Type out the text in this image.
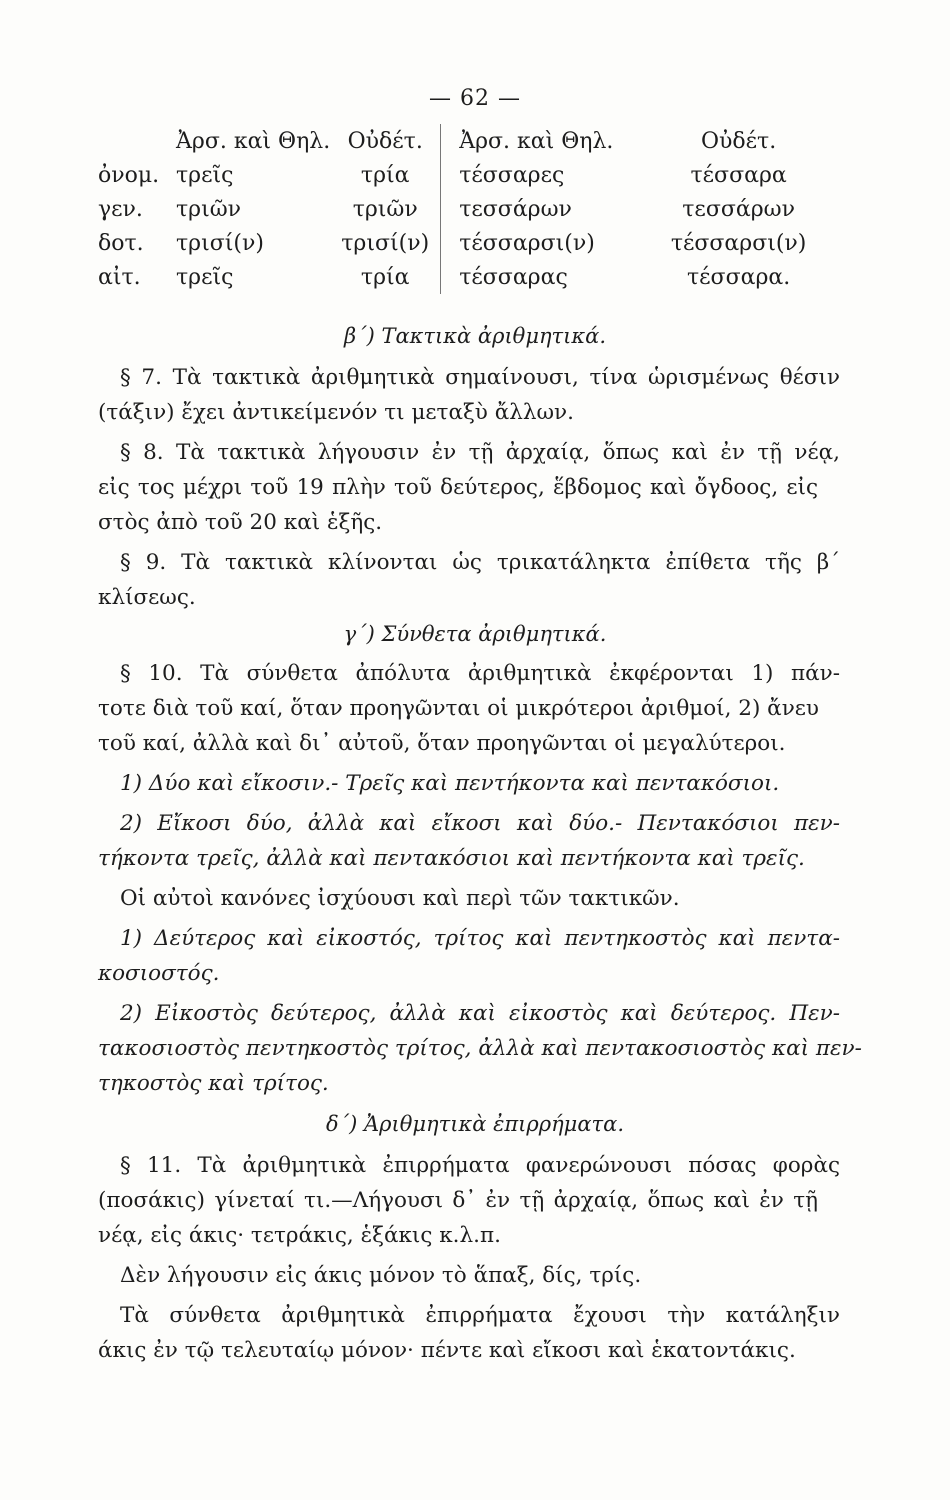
— 62 —
	Ἀρσ. καὶ Θηλ.	Οὐδέτ.	Ἀρσ. καὶ Θηλ.	Οὐδέτ.
ὀνομ.	τρεῖς	τρία	τέσσαρες	τέσσαρα
γεν.	τριῶν	τριῶν	τεσσάρων	τεσσάρων
δοτ.	τρισί(ν)	τρισί(ν)	τέσσαρσι(ν)	τέσσαρσι(ν)
αἰτ.	τρεῖς	τρία	τέσσαρας	τέσσαρα.
β΄) Τακτικὰ ἀριθμητικά.
§ 7. Τὰ τακτικὰ ἀριθμητικὰ σημαίνουσι, τίνα ὡρισμένως θέσιν
(τάξιν) ἔχει ἀντικείμενόν τι μεταξὺ ἄλλων.
§ 8. Τὰ τακτικὰ λήγουσιν ἐν τῇ ἀρχαίᾳ, ὅπως καὶ ἐν τῇ νέᾳ,
εἰς τος μέχρι τοῦ 19 πλὴν τοῦ δεύτερος, ἕβδομος καὶ ὄγδοος, εἰς
στὸς ἀπὸ τοῦ 20 καὶ ἑξῆς.
§ 9. Τὰ τακτικὰ κλίνονται ὡς τρικατάληκτα ἐπίθετα τῆς β΄
κλίσεως.
γ΄) Σύνθετα ἀριθμητικά.
§ 10. Τὰ σύνθετα ἀπόλυτα ἀριθμητικὰ ἐκφέρονται 1) πάν-
τοτε διὰ τοῦ καί, ὅταν προηγῶνται οἱ μικρότεροι ἀριθμοί, 2) ἄνευ
τοῦ καί, ἀλλὰ καὶ δι᾽ αὐτοῦ, ὅταν προηγῶνται οἱ μεγαλύτεροι.
1) Δύο καὶ εἴκοσιν.- Τρεῖς καὶ πεντήκοντα καὶ πεντακόσιοι.
2) Εἴκοσι δύο, ἀλλὰ καὶ εἴκοσι καὶ δύο.- Πεντακόσιοι πεν-
τήκοντα τρεῖς, ἀλλὰ καὶ πεντακόσιοι καὶ πεντήκοντα καὶ τρεῖς.
Οἱ αὐτοὶ κανόνες ἰσχύουσι καὶ περὶ τῶν τακτικῶν.
1) Δεύτερος καὶ εἰκοστός, τρίτος καὶ πεντηκοστὸς καὶ πεντα-
κοσιοστός.
2) Εἰκοστὸς δεύτερος, ἀλλὰ καὶ εἰκοστὸς καὶ δεύτερος. Πεν-
τακοσιοστὸς πεντηκοστὸς τρίτος, ἀλλὰ καὶ πεντακοσιοστὸς καὶ πεν-
τηκοστὸς καὶ τρίτος.
δ΄) Ἀριθμητικὰ ἐπιρρήματα.
§ 11. Τὰ ἀριθμητικὰ ἐπιρρήματα φανερώνουσι πόσας φορὰς
(ποσάκις) γίνεταί τι.—Λήγουσι δ᾽ ἐν τῇ ἀρχαίᾳ, ὅπως καὶ ἐν τῇ
νέᾳ, εἰς άκις· τετράκις, ἑξάκις κ.λ.π.
Δὲν λήγουσιν εἰς άκις μόνον τὸ ἅπαξ, δίς, τρίς.
Τὰ σύνθετα ἀριθμητικὰ ἐπιρρήματα ἔχουσι τὴν κατάληξιν
άκις ἐν τῷ τελευταίῳ μόνον· πέντε καὶ εἴκοσι καὶ ἑκατοντάκις.
